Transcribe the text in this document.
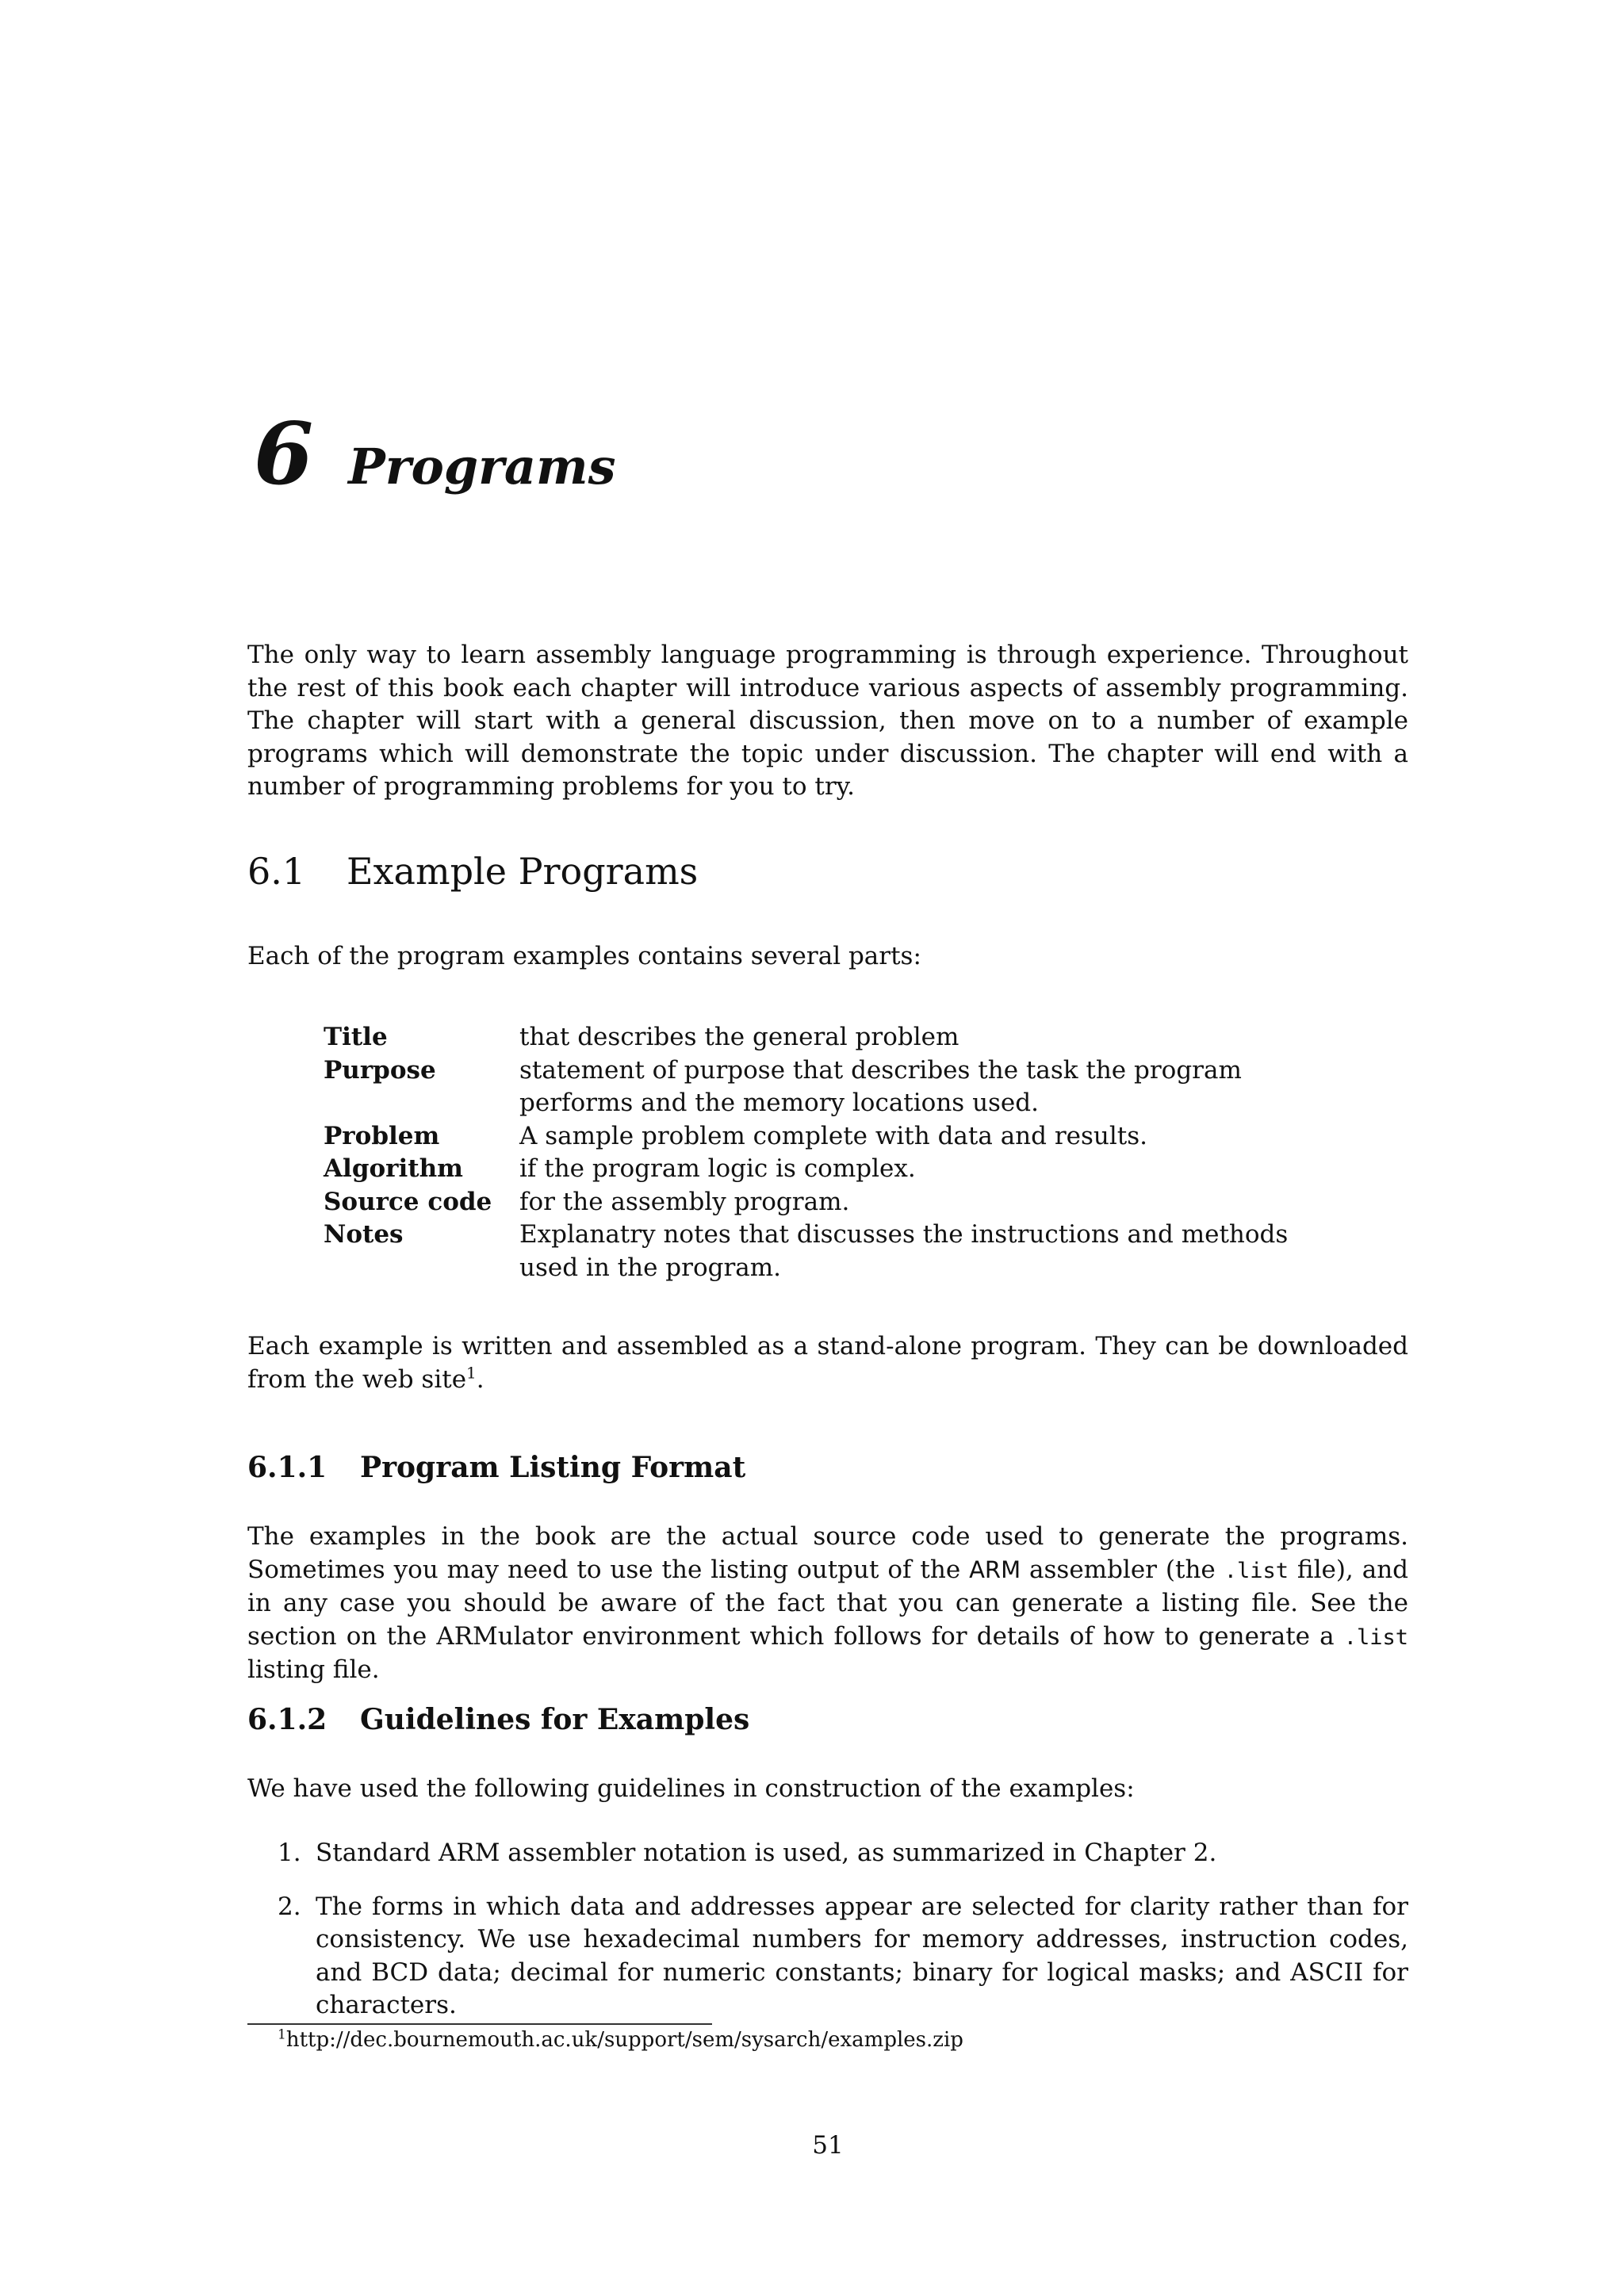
6 Programs

The only way to learn assembly language programming is through experience. Throughout the rest of this book each chapter will introduce various aspects of assembly programming. The chapter will start with a general discussion, then move on to a number of example programs which will demonstrate the topic under discussion. The chapter will end with a number of programming problems for you to try.

6.1 Example Programs

Each of the program examples contains several parts:

Title	that describes the general problem
Purpose	statement of purpose that describes the task the program performs and the memory locations used.
Problem	A sample problem complete with data and results.
Algorithm	if the program logic is complex.
Source code	for the assembly program.
Notes	Explanatry notes that discusses the instructions and methods used in the program.

Each example is written and assembled as a stand-alone program. They can be downloaded from the web site$^1$.

6.1.1 Program Listing Format

The examples in the book are the actual source code used to generate the programs. Sometimes you may need to use the listing output of the ARM assembler (the .list file), and in any case you should be aware of the fact that you can generate a listing file. See the section on the ARMulator environment which follows for details of how to generate a .list listing file.

6.1.2 Guidelines for Examples

We have used the following guidelines in construction of the examples:

1. Standard ARM assembler notation is used, as summarized in Chapter 2.
2. The forms in which data and addresses appear are selected for clarity rather than for consistency. We use hexadecimal numbers for memory addresses, instruction codes, and BCD data; decimal for numeric constants; binary for logical masks; and ASCII for characters.
$^1$http://dec.bournemouth.ac.uk/support/sem/sysarch/examples.zip
51
